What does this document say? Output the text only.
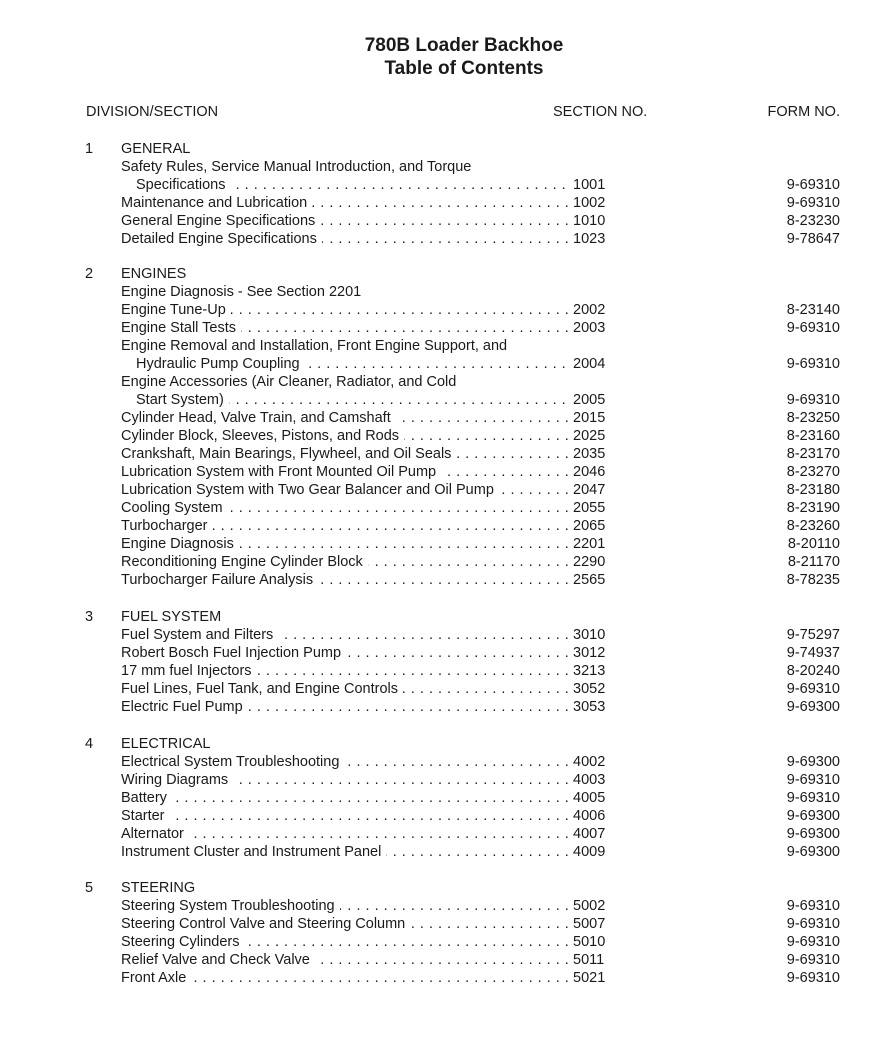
780B Loader Backhoe
Table of Contents
DIVISION/SECTION	SECTION NO.	FORM NO.
1 GENERAL
Safety Rules, Service Manual Introduction, and Torque
Specifications . . .	1001	9-69310
Maintenance and Lubrication . . .	1002	9-69310
General Engine Specifications . . .	1010	8-23230
Detailed Engine Specifications . . .	1023	9-78647
2 ENGINES
Engine Diagnosis - See Section 2201
Engine Tune-Up . . .	2002	8-23140
Engine Stall Tests . . .	2003	9-69310
Engine Removal and Installation, Front Engine Support, and
Hydraulic Pump Coupling . . .	2004	9-69310
Engine Accessories (Air Cleaner, Radiator, and Cold
Start System) . . .	2005	9-69310
Cylinder Head, Valve Train, and Camshaft . . .	2015	8-23250
Cylinder Block, Sleeves, Pistons, and Rods . . .	2025	8-23160
Crankshaft, Main Bearings, Flywheel, and Oil Seals . . .	2035	8-23170
Lubrication System with Front Mounted Oil Pump . . .	2046	8-23270
Lubrication System with Two Gear Balancer and Oil Pump . . .	2047	8-23180
Cooling System . . .	2055	8-23190
Turbocharger . . .	2065	8-23260
Engine Diagnosis . . .	2201	8-20110
Reconditioning Engine Cylinder Block . . .	2290	8-21170
Turbocharger Failure Analysis . . .	2565	8-78235
3 FUEL SYSTEM
Fuel System and Filters . . .	3010	9-75297
Robert Bosch Fuel Injection Pump . . .	3012	9-74937
17 mm fuel Injectors . . .	3213	8-20240
Fuel Lines, Fuel Tank, and Engine Controls . . .	3052	9-69310
Electric Fuel Pump . . .	3053	9-69300
4 ELECTRICAL
Electrical System Troubleshooting . . .	4002	9-69300
Wiring Diagrams . . .	4003	9-69310
Battery . . .	4005	9-69310
Starter . . .	4006	9-69300
Alternator . . .	4007	9-69300
Instrument Cluster and Instrument Panel . . .	4009	9-69300
5 STEERING
Steering System Troubleshooting . . .	5002	9-69310
Steering Control Valve and Steering Column . . .	5007	9-69310
Steering Cylinders . . .	5010	9-69310
Relief Valve and Check Valve . . .	5011	9-69310
Front Axle . . .	5021	9-69310
